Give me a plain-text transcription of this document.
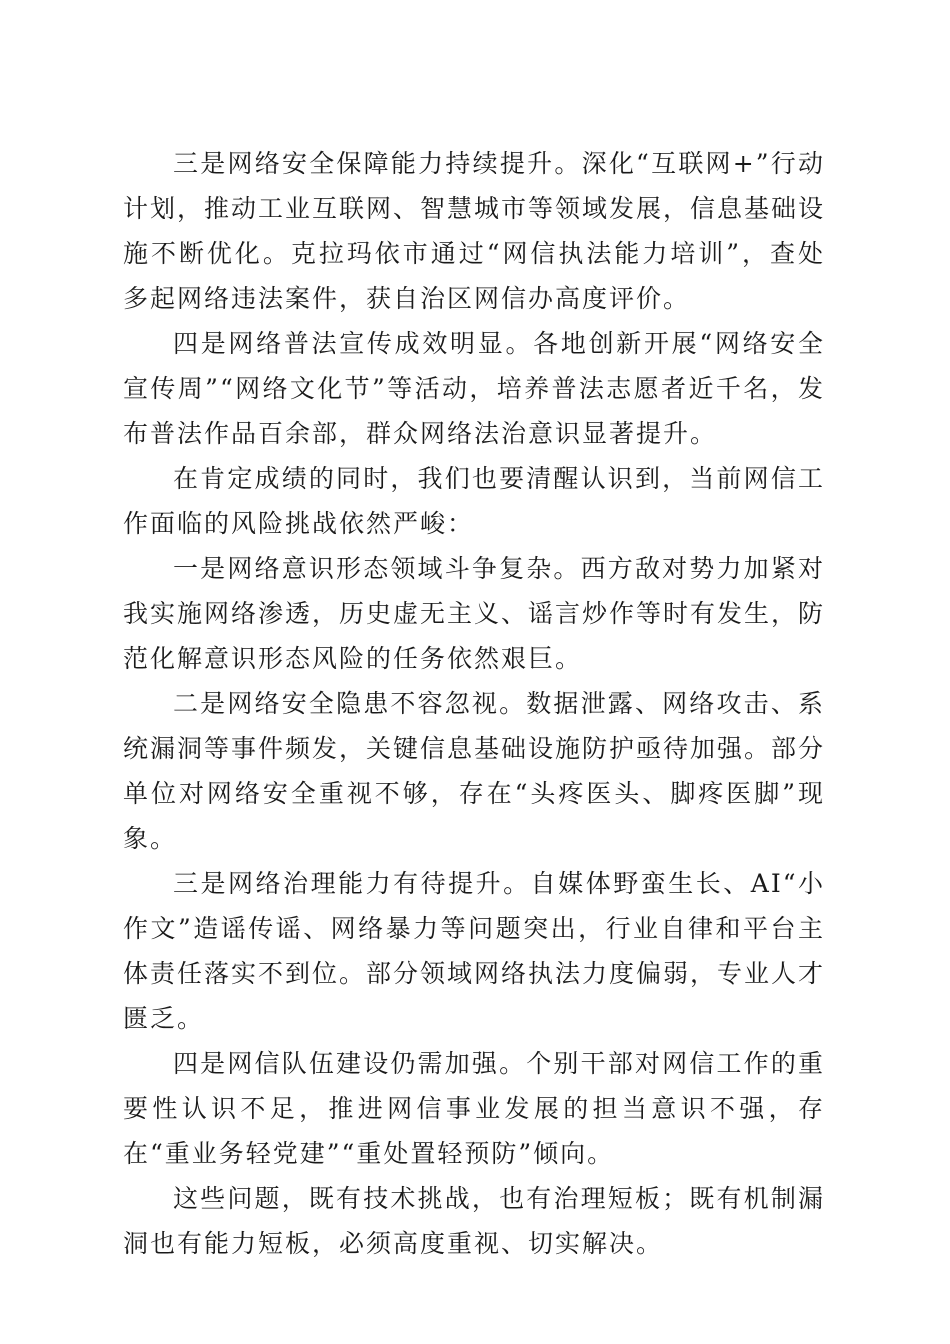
三是网络安全保障能力持续提升。深化“互联网+”行动计划，推动工业互联网、智慧城市等领域发展，信息基础设施不断优化。克拉玛依市通过“网信执法能力培训”，查处多起网络违法案件，获自治区网信办高度评价。

四是网络普法宣传成效明显。各地创新开展“网络安全宣传周”“网络文化节”等活动，培养普法志愿者近千名，发布普法作品百余部，群众网络法治意识显著提升。

在肯定成绩的同时，我们也要清醒认识到，当前网信工作面临的风险挑战依然严峻：

一是网络意识形态领域斗争复杂。西方敌对势力加紧对我实施网络渗透，历史虚无主义、谣言炒作等时有发生，防范化解意识形态风险的任务依然艰巨。

二是网络安全隐患不容忽视。数据泄露、网络攻击、系统漏洞等事件频发，关键信息基础设施防护亟待加强。部分单位对网络安全重视不够，存在“头疼医头、脚疼医脚”现象。

三是网络治理能力有待提升。自媒体野蛮生长、AI“小作文”造谣传谣、网络暴力等问题突出，行业自律和平台主体责任落实不到位。部分领域网络执法力度偏弱，专业人才匮乏。

四是网信队伍建设仍需加强。个别干部对网信工作的重要性认识不足，推进网信事业发展的担当意识不强，存在“重业务轻党建”“重处置轻预防”倾向。

这些问题，既有技术挑战，也有治理短板；既有机制漏洞也有能力短板，必须高度重视、切实解决。
